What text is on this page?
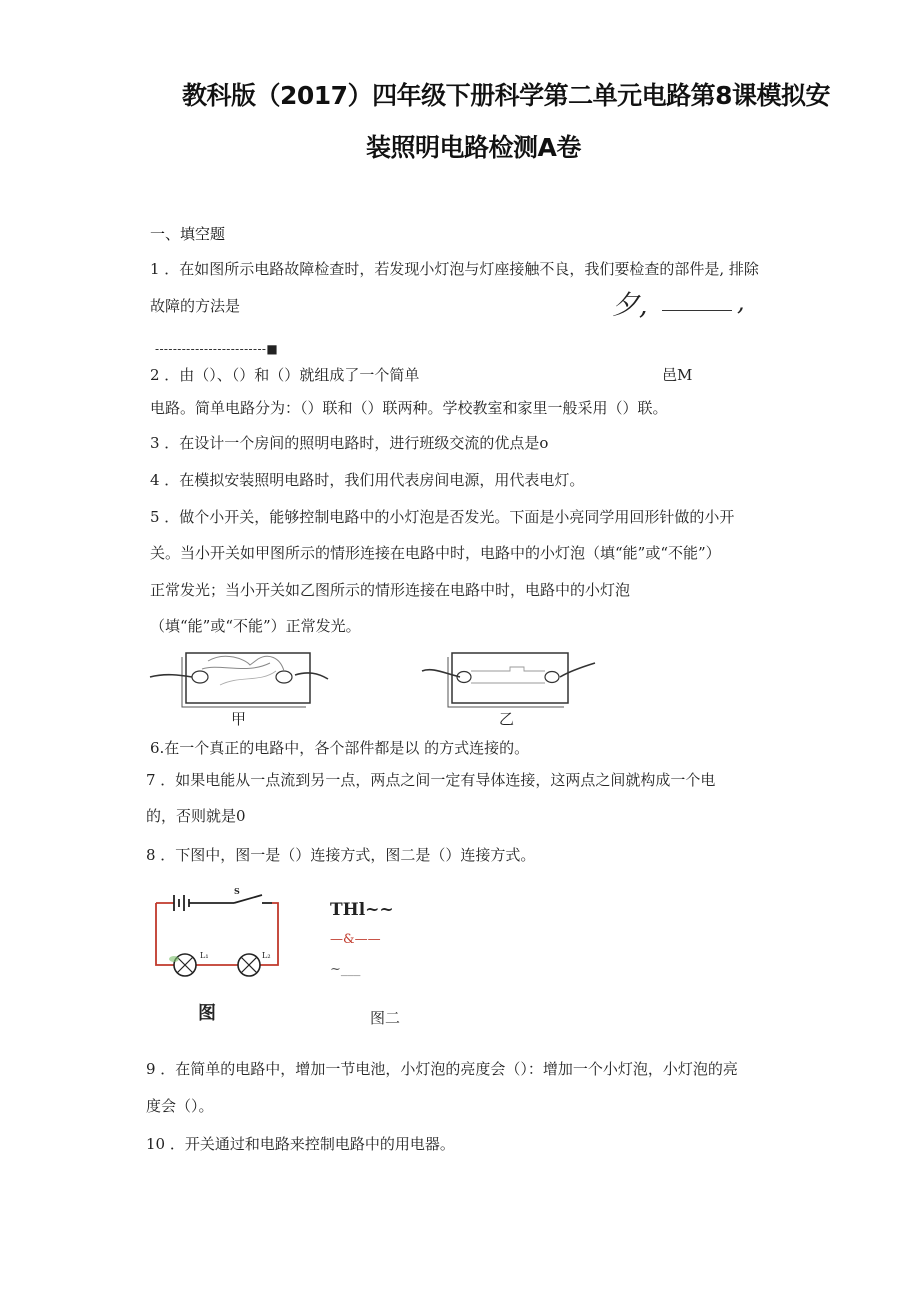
教科版（2017）四年级下册科学第二单元电路第8课模拟安
装照明电路检测A卷
一、填空题
1 ．在如图所示电路故障检查时，若发现小灯泡与灯座接触不良，我们要检查的部件是, 排除
故障的方法是	夕,	,
-------------------------■
2 ．由（）、（）和（）就组成了一个简单	邑M
电路。简单电路分为：（）联和（）联两种。学校教室和家里一般采用（）联。
3 ．在设计一个房间的照明电路时，进行班级交流的优点是o
4 ．在模拟安装照明电路时，我们用代表房间电源，用代表电灯。
5 ．做个小开关，能够控制电路中的小灯泡是否发光。下面是小亮同学用回形针做的小开
关。当小开关如甲图所示的情形连接在电路中时，电路中的小灯泡（填“能”或“不能”）
正常发光；当小开关如乙图所示的情形连接在电路中时，电路中的小灯泡
（填“能”或“不能”）正常发光。
甲	乙
6.在一个真正的电路中，各个部件都是以 的方式连接的。
7 ．如果电能从一点流到另一点，两点之间一定有导体连接，这两点之间就构成一个电
的，否则就是0
8 ．下图中，图一是（）连接方式，图二是（）连接方式。
S
L₁	L₂
图
THl~~
—&——
~___
图二
9 ．在简单的电路中，增加一节电池，小灯泡的亮度会（）：增加一个小灯泡，小灯泡的亮
度会（）。
10 ．开关通过和电路来控制电路中的用电器。
